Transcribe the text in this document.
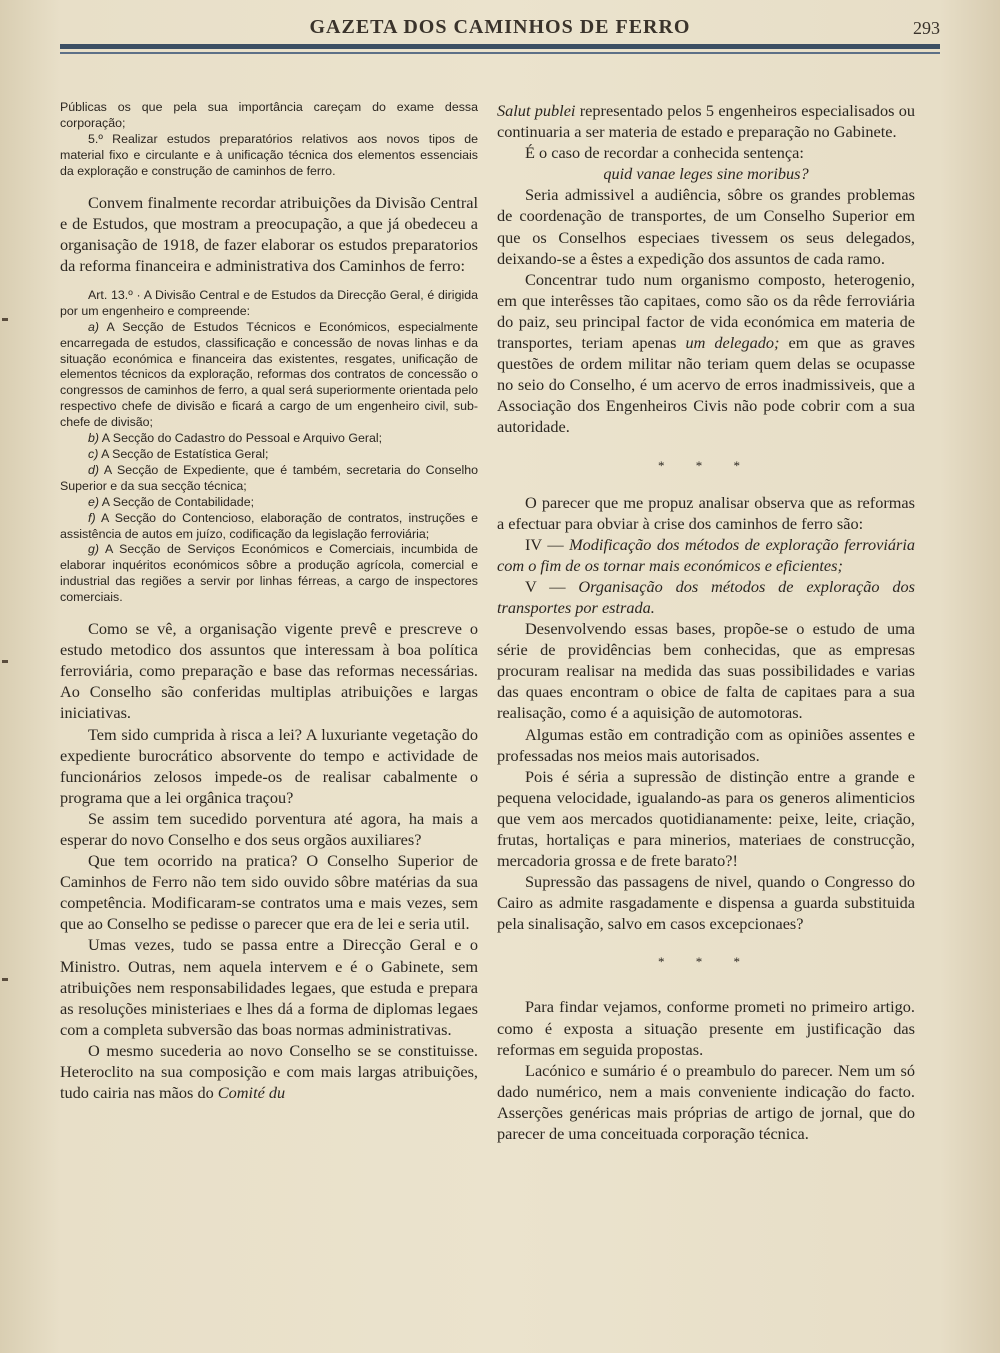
GAZETA DOS CAMINHOS DE FERRO	293

Públicas os que pela sua importância careçam do exame dessa corporação;

5.º Realizar estudos preparatórios relativos aos novos tipos de material fixo e circulante e à unificação técnica dos elementos essenciais da exploração e construção de caminhos de ferro.

Convem finalmente recordar atribuições da Divisão Central e de Estudos, que mostram a preocupação, a que já obedeceu a organisação de 1918, de fazer elaborar os estudos preparatorios da reforma financeira e administrativa dos Caminhos de ferro:

Art. 13.º · A Divisão Central e de Estudos da Direcção Geral, é dirigida por um engenheiro e compreende:

a) A Secção de Estudos Técnicos e Económicos, especialmente encarregada de estudos, classificação e concessão de novas linhas e da situação económica e financeira das existentes, resgates, unificação de elementos técnicos da exploração, reformas dos contratos de concessão o congressos de caminhos de ferro, a qual será superiormente orientada pelo respectivo chefe de divisão e ficará a cargo de um engenheiro civil, sub-chefe de divisão;

b) A Secção do Cadastro do Pessoal e Arquivo Geral;

c) A Secção de Estatística Geral;

d) A Secção de Expediente, que é também, secretaria do Conselho Superior e da sua secção técnica;

e) A Secção de Contabilidade;

f) A Secção do Contencioso, elaboração de contratos, instruções e assistência de autos em juízo, codificação da legislação ferroviária;

g) A Secção de Serviços Económicos e Comerciais, incumbida de elaborar inquéritos económicos sôbre a produção agrícola, comercial e industrial das regiões a servir por linhas férreas, a cargo de inspectores comerciais.

Como se vê, a organisação vigente prevê e prescreve o estudo metodico dos assuntos que interessam à boa política ferroviária, como preparação e base das reformas necessárias. Ao Conselho são conferidas multiplas atribuições e largas iniciativas.

Tem sido cumprida à risca a lei? A luxuriante vegetação do expediente burocrático absorvente do tempo e actividade de funcionários zelosos impede-os de realisar cabalmente o programa que a lei orgânica traçou?

Se assim tem sucedido porventura até agora, ha mais a esperar do novo Conselho e dos seus orgãos auxiliares?

Que tem ocorrido na pratica? O Conselho Superior de Caminhos de Ferro não tem sido ouvido sôbre matérias da sua competência. Modificaram-se contratos uma e mais vezes, sem que ao Conselho se pedisse o parecer que era de lei e seria util.

Umas vezes, tudo se passa entre a Direcção Geral e o Ministro. Outras, nem aquela intervem e é o Gabinete, sem atribuições nem responsabilidades legaes, que estuda e prepara as resoluções ministeriaes e lhes dá a forma de diplomas legaes com a completa subversão das boas normas administrativas.

O mesmo sucederia ao novo Conselho se se constituisse. Heteroclito na sua composição e com mais largas atribuições, tudo cairia nas mãos do Comité du

Salut publei representado pelos 5 engenheiros especialisados ou continuaria a ser materia de estado e preparação no Gabinete.

É o caso de recordar a conhecida sentença:

quid vanae leges sine moribus?

Seria admissivel a audiência, sôbre os grandes problemas de coordenação de transportes, de um Conselho Superior em que os Conselhos especiaes tivessem os seus delegados, deixando-se a êstes a expedição dos assuntos de cada ramo.

Concentrar tudo num organismo composto, heterogenio, em que interêsses tão capitaes, como são os da rêde ferroviária do paiz, seu principal factor de vida económica em materia de transportes, teriam apenas um delegado; em que as graves questões de ordem militar não teriam quem delas se ocupasse no seio do Conselho, é um acervo de erros inadmissiveis, que a Associação dos Engenheiros Civis não pode cobrir com a sua autoridade.

* * *

O parecer que me propuz analisar observa que as reformas a efectuar para obviar à crise dos caminhos de ferro são:

IV — Modificação dos métodos de exploração ferroviária com o fim de os tornar mais económicos e eficientes;

V — Organisação dos métodos de exploração dos transportes por estrada.

Desenvolvendo essas bases, propõe-se o estudo de uma série de providências bem conhecidas, que as empresas procuram realisar na medida das suas possibilidades e varias das quaes encontram o obice de falta de capitaes para a sua realisação, como é a aquisição de automotoras.

Algumas estão em contradição com as opiniões assentes e professadas nos meios mais autorisados.

Pois é séria a supressão de distinção entre a grande e pequena velocidade, igualando-as para os generos alimenticios que vem aos mercados quotidianamente: peixe, leite, criação, frutas, hortaliças e para minerios, materiaes de construcção, mercadoria grossa e de frete barato?!

Supressão das passagens de nivel, quando o Congresso do Cairo as admite rasgadamente e dispensa a guarda substituida pela sinalisação, salvo em casos excepcionaes?

* * *

Para findar vejamos, conforme prometi no primeiro artigo. como é exposta a situação presente em justificação das reformas em seguida propostas.

Lacónico e sumário é o preambulo do parecer. Nem um só dado numérico, nem a mais conveniente indicação do facto. Asserções genéricas mais próprias de artigo de jornal, que do parecer de uma conceituada corporação técnica.
